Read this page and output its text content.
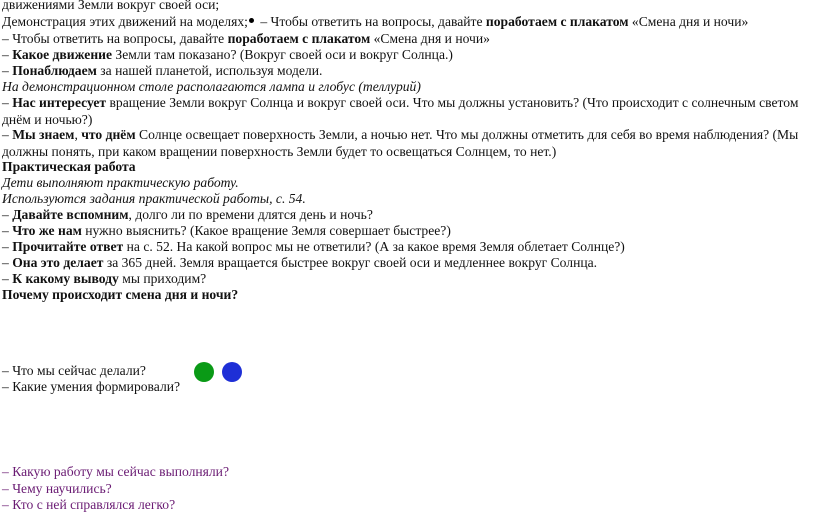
движениями Земли вокруг своей оси;
Демонстрация этих движений на моделях; – Чтобы ответить на вопросы, давайте поработаем с плакатом «Смена дня и ночи»
– Чтобы ответить на вопросы, давайте поработаем с плакатом «Смена дня и ночи»
– Какое движение Земли там показано? (Вокруг своей оси и вокруг Солнца.)
– Понаблюдаем за нашей планетой, используя модели.
На демонстрационном столе располагаются лампа и глобус (теллурий)
– Нас интересует вращение Земли вокруг Солнца и вокруг своей оси. Что мы должны установить? (Что происходит с солнечным светом днём и ночью?)
– Мы знаем, что днём Солнце освещает поверхность Земли, а ночью нет. Что мы должны отметить для себя во время наблюдения? (Мы должны понять, при каком вращении поверхность Земли будет то освещаться Солнцем, то нет.)
Практическая работа
Дети выполняют практическую работу.
Используются задания практической работы, с. 54.
– Давайте вспомним, долго ли по времени длятся день и ночь?
– Что же нам нужно выяснить? (Какое вращение Земля совершает быстрее?)
– Прочитайте ответ на с. 52. На какой вопрос мы не ответили? (А за какое время Земля облетает Солнце?)
– Она это делает за 365 дней. Земля вращается быстрее вокруг своей оси и медленнее вокруг Солнца.
– К какому выводу мы приходим?
Почему происходит смена дня и ночи?
– Что мы сейчас делали?
– Какие умения формировали?
– Какую работу мы сейчас выполняли?
– Чему научились?
– Кто с ней справлялся легко?
